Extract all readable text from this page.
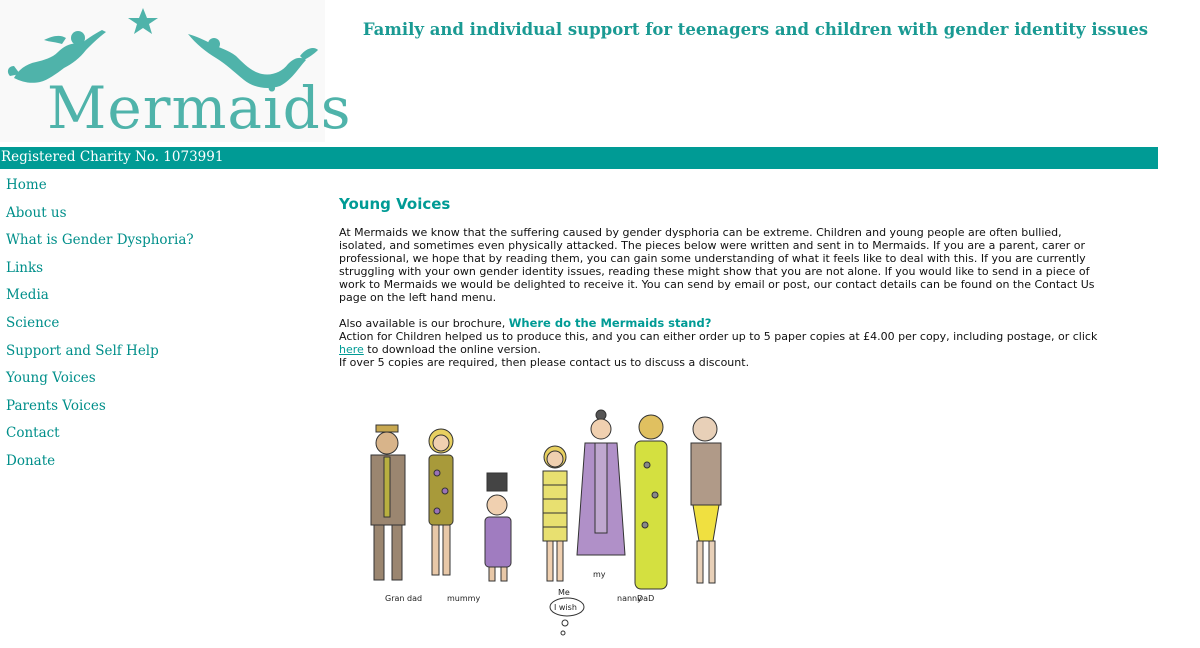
Mermaids
Family and individual support for teenagers and children with gender identity issues
Registered Charity No. 1073991
Home
About us
What is Gender Dysphoria?
Links
Media
Science
Support and Self Help
Young Voices
Parents Voices
Contact
Donate
Young Voices

At Mermaids we know that the suffering caused by gender dysphoria can be extreme. Children and young people are often bullied, isolated, and sometimes even physically attacked. The pieces below were written and sent in to Mermaids. If you are a parent, carer or professional, we hope that by reading them, you can gain some understanding of what it feels like to deal with this. If you are currently struggling with your own gender identity issues, reading these might show that you are not alone. If you would like to send in a piece of work to Mermaids we would be delighted to receive it. You can send by email or post, our contact details can be found on the Contact Us page on the left hand menu.

Also available is our brochure, Where do the Mermaids stand?
Action for Children helped us to produce this, and you can either order up to 5 paper copies at £4.00 per copy, including postage, or click here to download the online version.
If over 5 copies are required, then please contact us to discuss a discount.

Gran dad	mummy
Me
I wish
my
nanny
DaD
